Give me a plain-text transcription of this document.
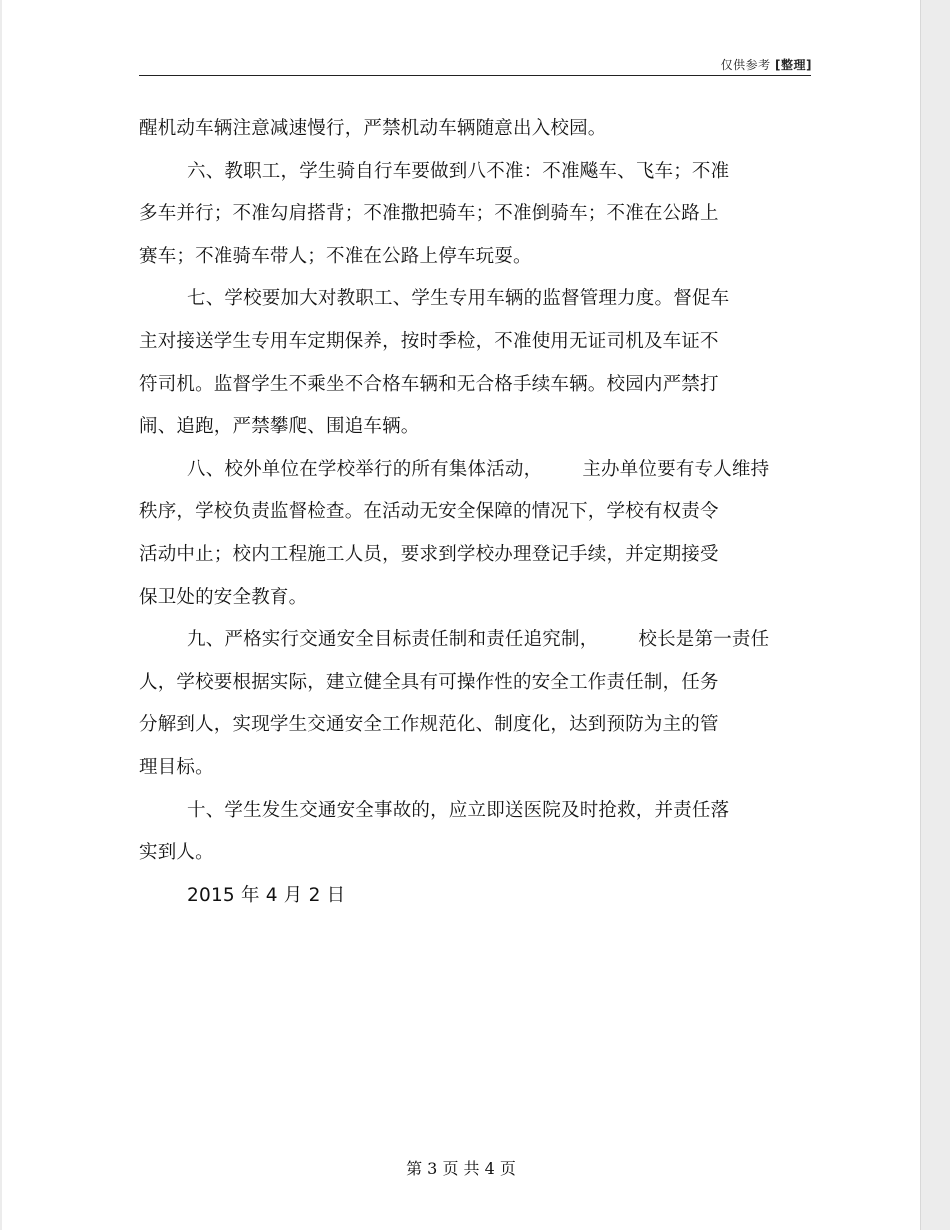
仅供参考 [整理]
醒机动车辆注意减速慢行，严禁机动车辆随意出入校园。
六、教职工，学生骑自行车要做到八不准：不准飚车、飞车；不准
多车并行；不准勾肩搭背；不准撒把骑车；不准倒骑车；不准在公路上
赛车；不准骑车带人；不准在公路上停车玩耍。
七、学校要加大对教职工、学生专用车辆的监督管理力度。督促车
主对接送学生专用车定期保养，按时季检，不准使用无证司机及车证不
符司机。监督学生不乘坐不合格车辆和无合格手续车辆。校园内严禁打
闹、追跑，严禁攀爬、围追车辆。
八、校外单位在学校举行的所有集体活动， 主办单位要有专人维持
秩序，学校负责监督检查。在活动无安全保障的情况下，学校有权责令
活动中止；校内工程施工人员，要求到学校办理登记手续，并定期接受
保卫处的安全教育。
九、严格实行交通安全目标责任制和责任追究制， 校长是第一责任
人，学校要根据实际，建立健全具有可操作性的安全工作责任制，任务
分解到人，实现学生交通安全工作规范化、制度化，达到预防为主的管
理目标。
十、学生发生交通安全事故的，应立即送医院及时抢救，并责任落
实到人。
2015 年 4 月 2 日
第 3 页 共 4 页
